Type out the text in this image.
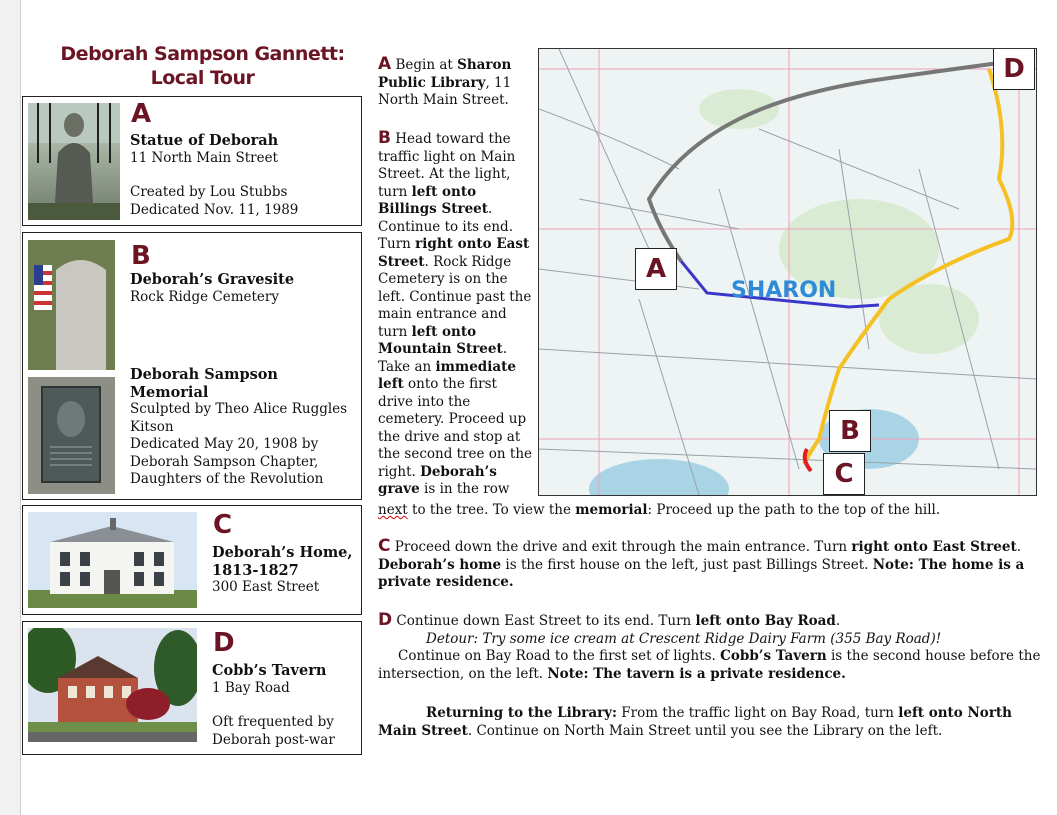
Deborah Sampson Gannett:
Local Tour
A
Statue of Deborah
11 North Main Street
Created by Lou Stubbs
Dedicated Nov. 11, 1989
B
Deborah’s Gravesite
Rock Ridge Cemetery
Deborah Sampson Memorial
Sculpted by Theo Alice Ruggles Kitson
Dedicated May 20, 1908 by Deborah Sampson Chapter, Daughters of the Revolution
C
Deborah’s Home, 1813-1827
300 East Street
D
Cobb’s Tavern
1 Bay Road
Oft frequented by Deborah post-war
A Begin at Sharon Public Library, 11 North Main Street.
B Head toward the traffic light on Main Street. At the light, turn left onto Billings Street. Continue to its end. Turn right onto East Street. Rock Ridge Cemetery is on the left. Continue past the main entrance and turn left onto Mountain Street. Take an immediate left onto the first drive into the cemetery. Proceed up the drive and stop at the second tree on the right. Deborah’s grave is in the row
next to the tree. To view the memorial: Proceed up the path to the top of the hill.
SHARON
A
B
C
D
C Proceed down the drive and exit through the main entrance. Turn right onto East Street. Deborah’s home is the first house on the left, just past Billings Street. Note: The home is a private residence.
D Continue down East Street to its end. Turn left onto Bay Road.
Detour: Try some ice cream at Crescent Ridge Dairy Farm (355 Bay Road)!
Continue on Bay Road to the first set of lights. Cobb’s Tavern is the second house before the intersection, on the left. Note: The tavern is a private residence.
Returning to the Library: From the traffic light on Bay Road, turn left onto North Main Street. Continue on North Main Street until you see the Library on the left.
